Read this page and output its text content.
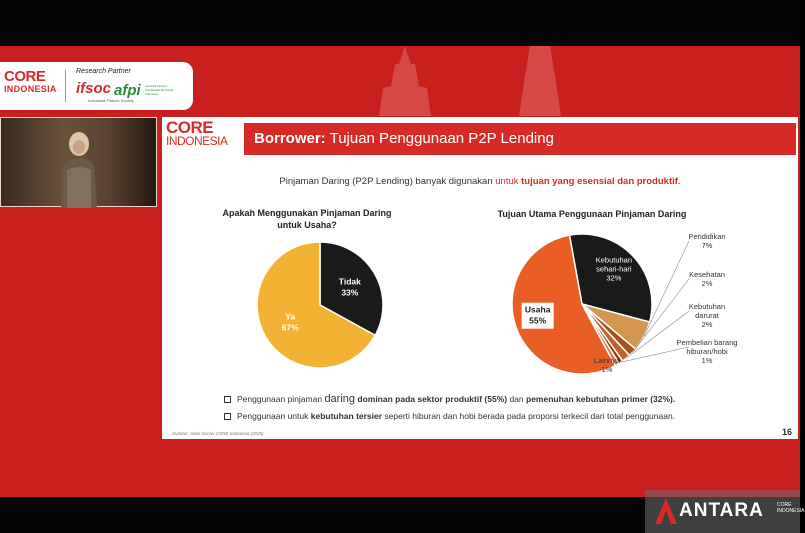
CORE
INDONESIA
Research Partner
ifsoc
Indonesia Fintech Society
afpi Asosiasi Fintech Pendanaan Bersama Indonesia
CORE
INDONESIA	Borrower: Tujuan Penggunaan P2P Lending
Pinjaman Daring (P2P Lending) banyak digunakan untuk tujuan yang esensial dan produktif.
Apakah Menggunakan Pinjaman Daring
untuk Usaha?
Tidak
33%
Ya
67%
Tujuan Utama Penggunaan Pinjaman Daring
Kebutuhan
sehari-hari
32%
Lainnya
1%
Usaha
55%
Pendidikan
7%
Kesehatan
2%
Kebutuhan
darurat
2%
Pembelian barang
hiburan/hobi
1%
Penggunaan pinjaman daring dominan pada sektor produktif (55%) dan pemenuhan kebutuhan primer (32%).
Penggunaan untuk kebutuhan tersier seperti hiburan dan hobi berada pada proporsi terkecil dari total penggunaan.
Sumber: Hasil Survei CORE Indonesia (2025)	16
ANTARA	CORE
INDONESIA
